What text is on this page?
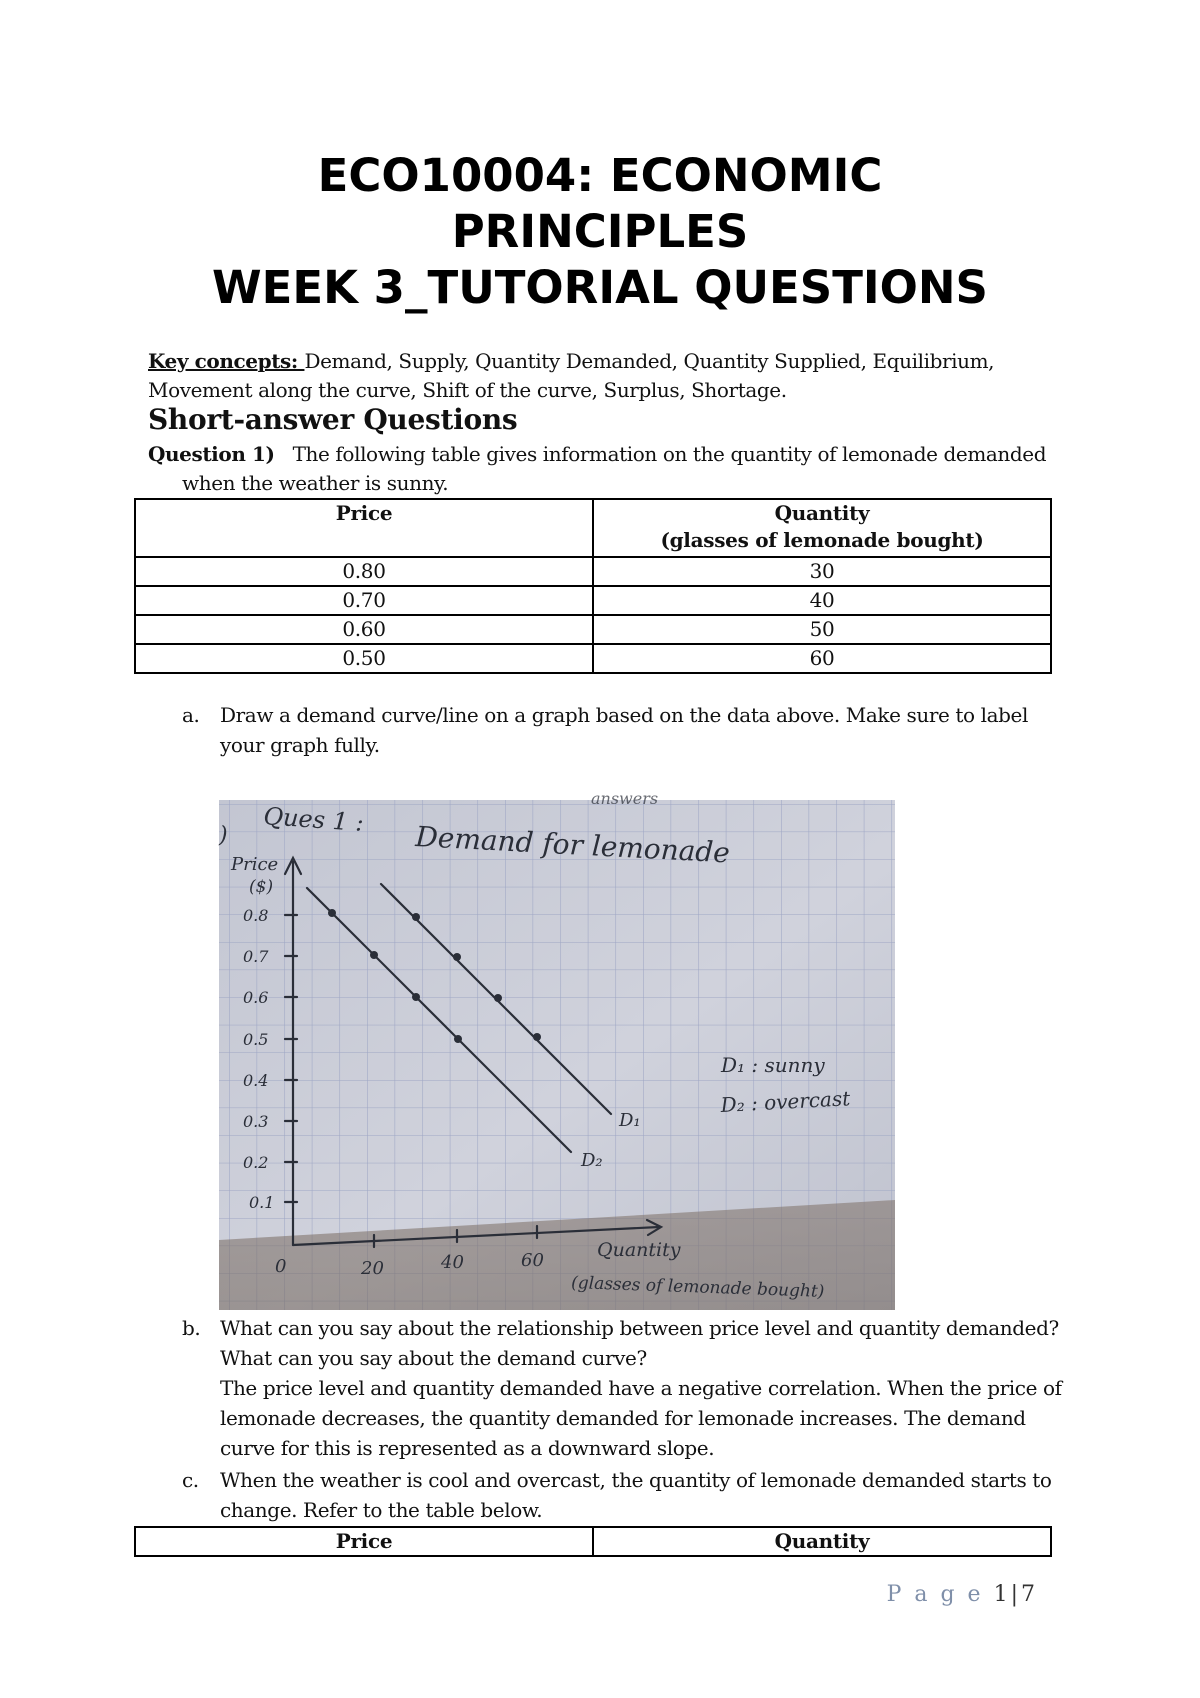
ECO10004: ECONOMIC
PRINCIPLES
WEEK 3_TUTORIAL QUESTIONS
Key concepts: Demand, Supply, Quantity Demanded, Quantity Supplied, Equilibrium, Movement along the curve, Shift of the curve, Surplus, Shortage.
Short-answer Questions
Question 1) The following table gives information on the quantity of lemonade demanded
when the weather is sunny.
Price	Quantity
(glasses of lemonade bought)

0.80	30
0.70	40
0.60	50
0.50	60
a. Draw a demand curve/line on a graph based on the data above. Make sure to label your graph fully.
) Ques 1 :
Demand for lemonade
answers
Price
($)
0.8
0.7
0.6
0.5
0.4
0.3
0.2
0.1
0	20	40	60	Quantity
(glasses of lemonade bought)
D₁
D₂
D₁ : sunny
D₂ : overcast
b. What can you say about the relationship between price level and quantity demanded? What can you say about the demand curve?
The price level and quantity demanded have a negative correlation. When the price of lemonade decreases, the quantity demanded for lemonade increases. The demand curve for this is represented as a downward slope.
c. When the weather is cool and overcast, the quantity of lemonade demanded starts to change. Refer to the table below.
Price	Quantity
P a g e 1|7
